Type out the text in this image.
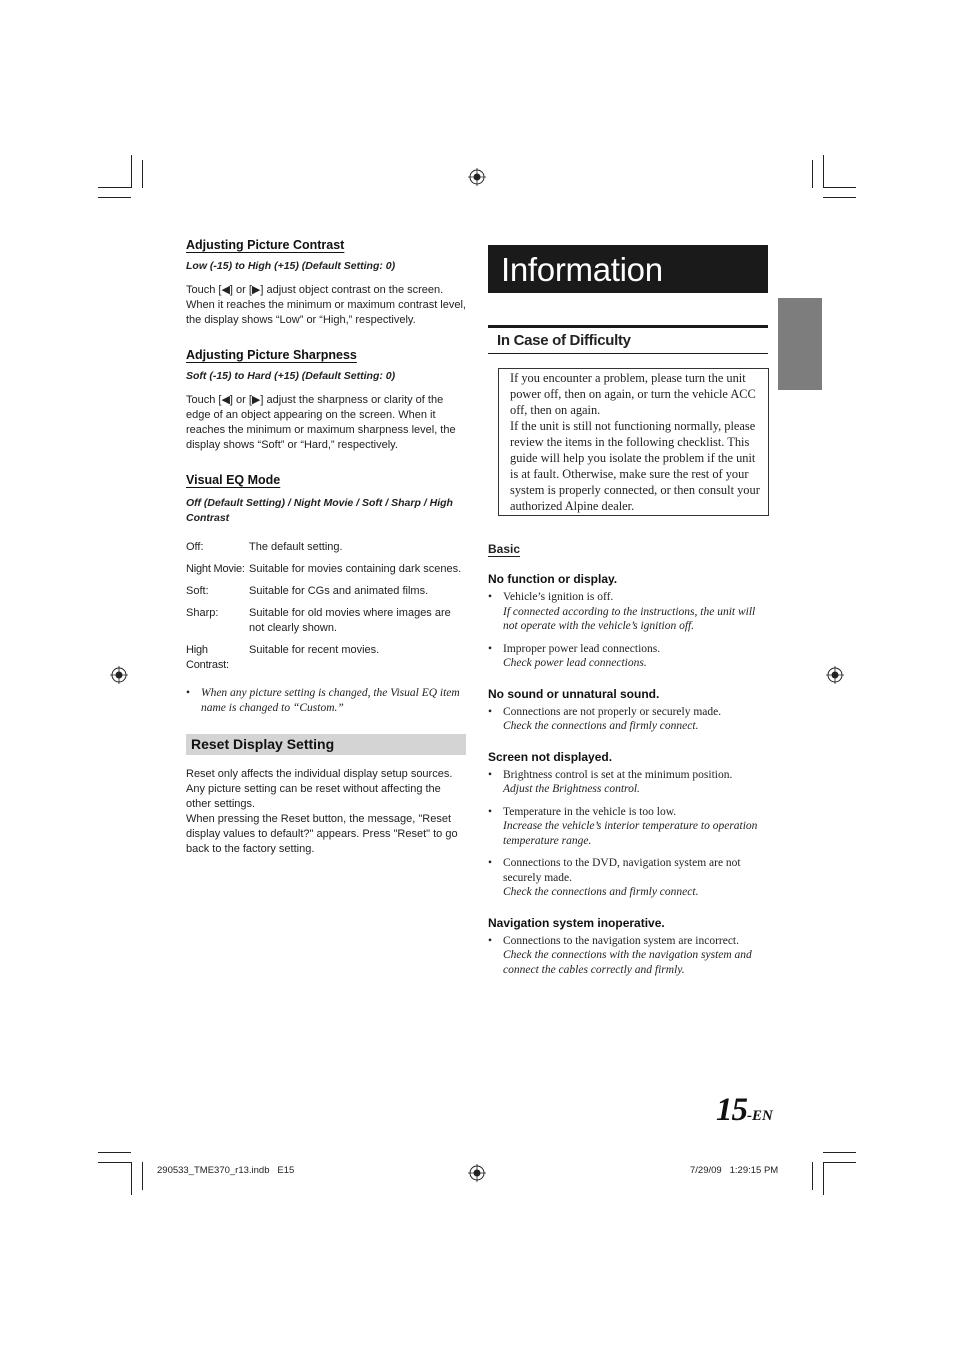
Adjusting Picture Contrast
Low (-15) to High (+15) (Default Setting: 0)
Touch [◀] or [▶] adjust object contrast on the screen. When it reaches the minimum or maximum contrast level, the display shows “Low” or “High,” respectively.
Adjusting Picture Sharpness
Soft (-15) to Hard (+15) (Default Setting: 0)
Touch [◀] or [▶] adjust the sharpness or clarity of the edge of an object appearing on the screen. When it reaches the minimum or maximum sharpness level, the display shows “Soft” or “Hard,” respectively.
Visual EQ Mode
Off (Default Setting) / Night Movie / Soft / Sharp / High Contrast
Off:	The default setting.
Night Movie:	Suitable for movies containing dark scenes.
Soft:	Suitable for CGs and animated films.
Sharp:	Suitable for old movies where images are not clearly shown.
High Contrast:	Suitable for recent movies.
• When any picture setting is changed, the Visual EQ item name is changed to “Custom.”
Reset Display Setting
Reset only affects the individual display setup sources. Any picture setting can be reset without affecting the other settings.
When pressing the Reset button, the message, "Reset display values to default?" appears. Press "Reset" to go back to the factory setting.
Information
In Case of Difficulty

If you encounter a problem, please turn the unit power off, then on again, or turn the vehicle ACC off, then on again.

If the unit is still not functioning normally, please review the items in the following checklist. This guide will help you isolate the problem if the unit is at fault. Otherwise, make sure the rest of your system is properly connected, or then consult your authorized Alpine dealer.

Basic
No function or display.
• Vehicle’s ignition is off.
If connected according to the instructions, the unit will not operate with the vehicle’s ignition off.
• Improper power lead connections.
Check power lead connections.
No sound or unnatural sound.
• Connections are not properly or securely made.
Check the connections and firmly connect.
Screen not displayed.
• Brightness control is set at the minimum position.
Adjust the Brightness control.
• Temperature in the vehicle is too low.
Increase the vehicle’s interior temperature to operation temperature range.
• Connections to the DVD, navigation system are not securely made.
Check the connections and firmly connect.
Navigation system inoperative.
• Connections to the navigation system are incorrect.
Check the connections with the navigation system and connect the cables correctly and firmly.
15-EN
290533_TME370_r13.indb   E15	7/29/09   1:29:15 PM
